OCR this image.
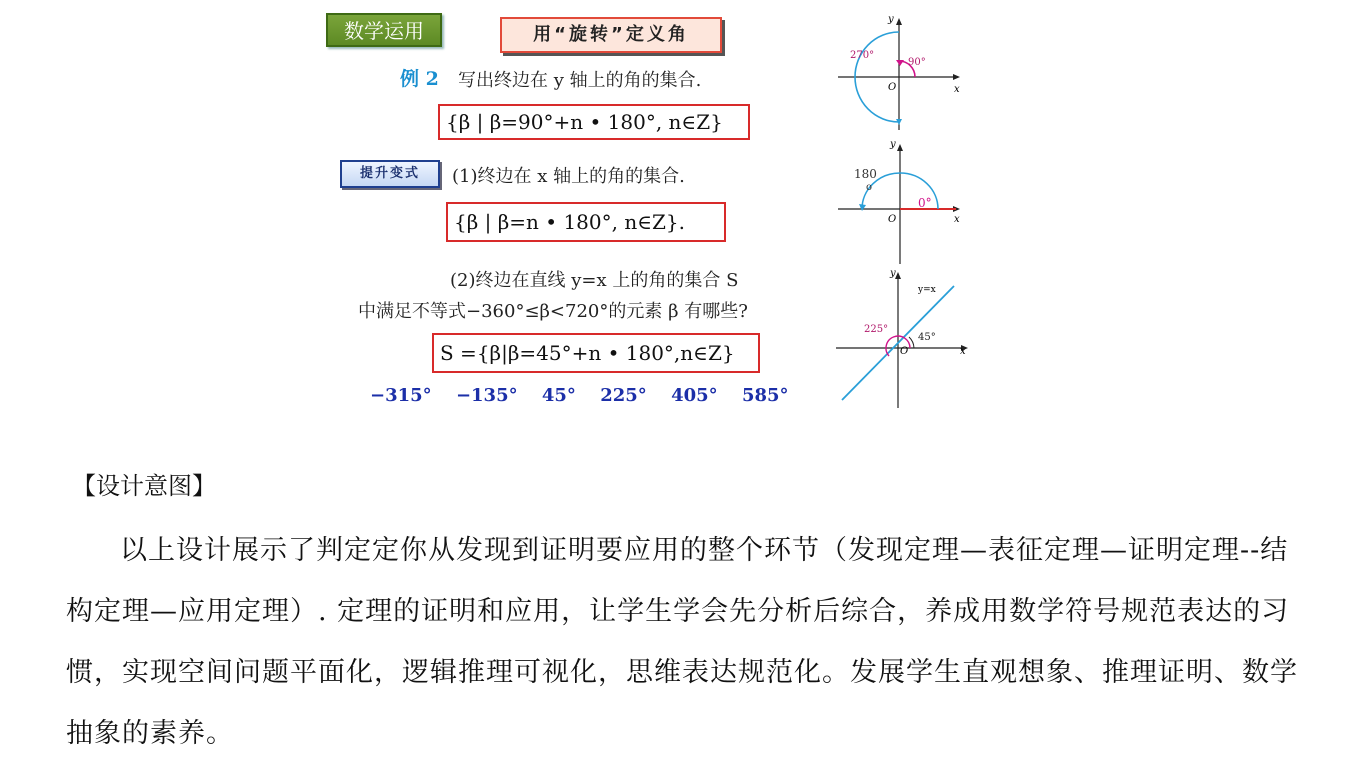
数学运用	用“旋转”定义角
例 2 写出终边在 y 轴上的角的集合.
{β | β=90°+n • 180°, n∈Z}
提升变式	(1)终边在 x 轴上的角的集合.
{β | β=n • 180°, n∈Z}.
(2)终边在直线 y=x 上的角的集合 S
中满足不等式−360°≤β<720°的元素 β 有哪些?
S ={β|β=45°+n • 180°,n∈Z}
−315° −135° 45° 225° 405° 585°
y
x
O
270°
90°
y
x
O
180
o
0°
y
x
O
y=x
225°
45°
【设计意图】
以上设计展示了判定定你从发现到证明要应用的整个环节（发现定理—表征定理—证明定理--结构定理—应用定理）. 定理的证明和应用，让学生学会先分析后综合，养成用数学符号规范表达的习惯，实现空间问题平面化，逻辑推理可视化，思维表达规范化。发展学生直观想象、推理证明、数学抽象的素养。
